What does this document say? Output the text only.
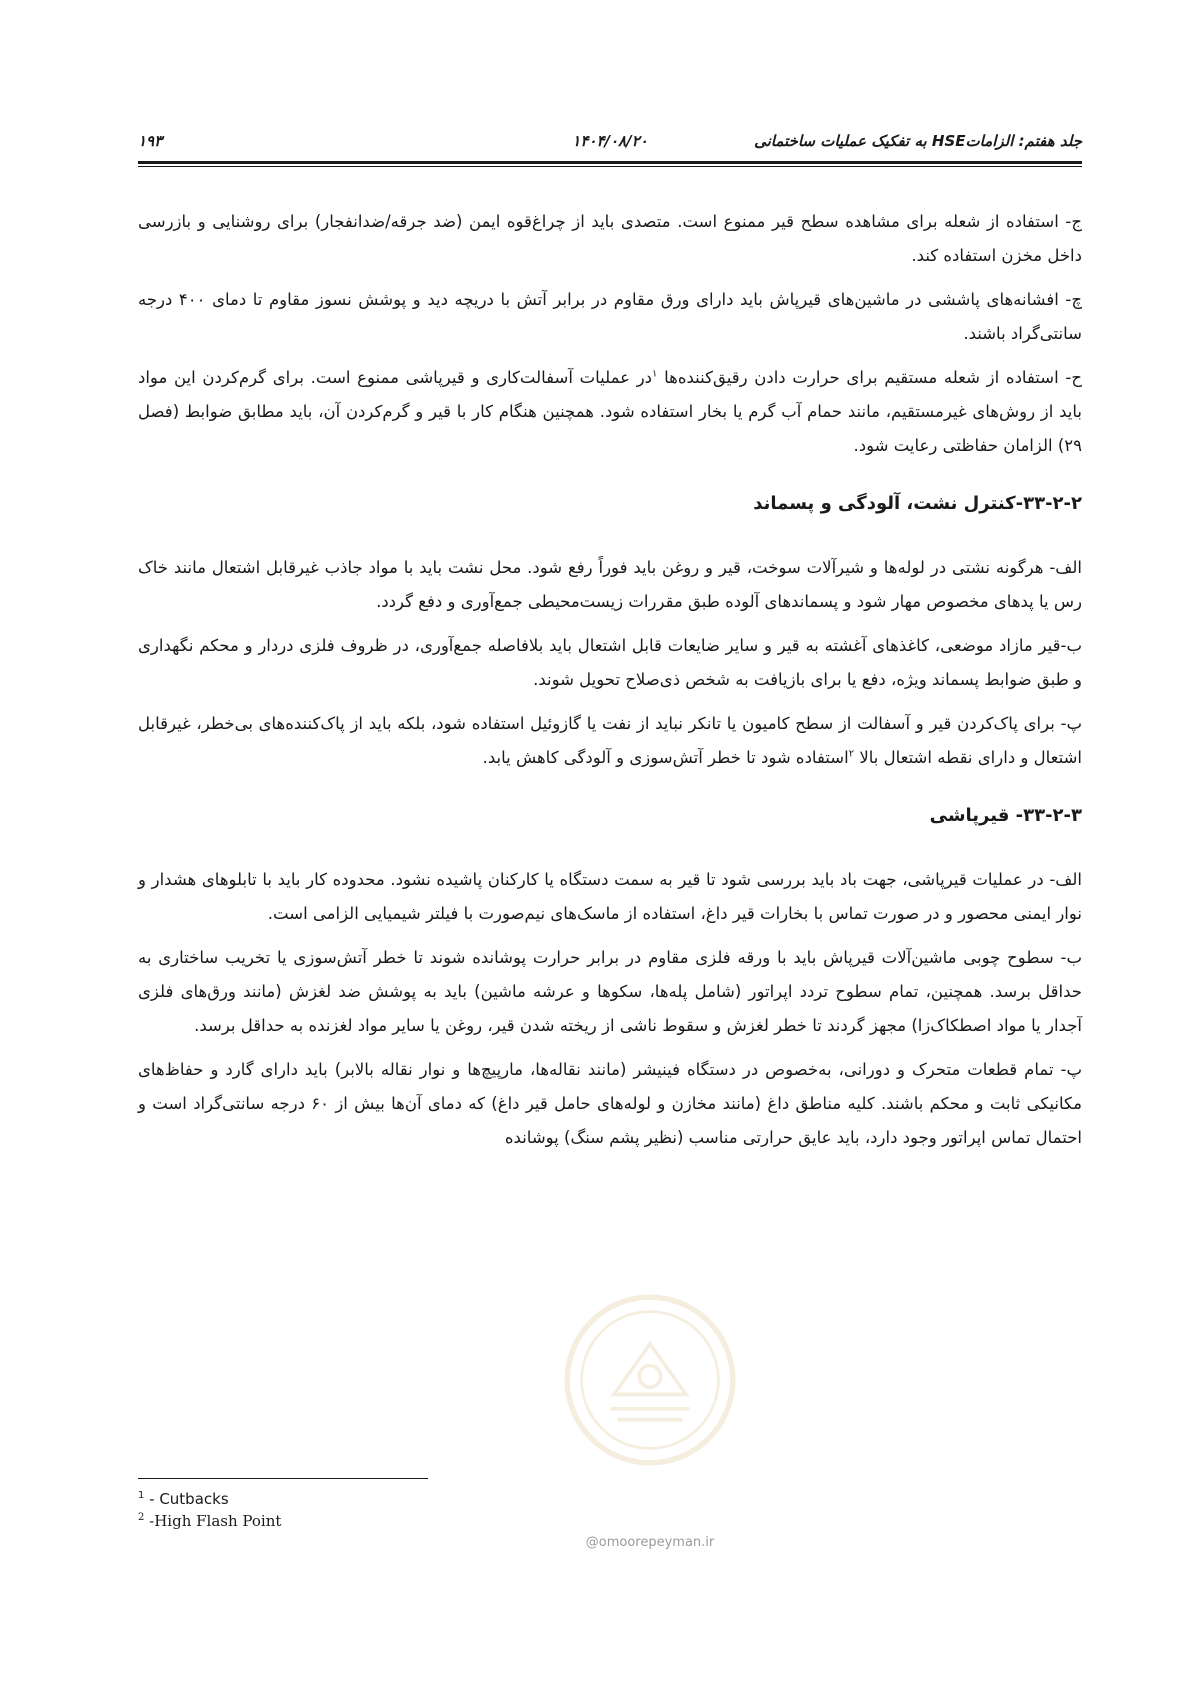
جلد هفتم: الزاماتHSE به تفکیک عملیات ساختمانی
۱۴۰۴/۰۸/۲۰
۱۹۳
@omoorepeyman.ir

ج- استفاده از شعله برای مشاهده سطح قیر ممنوع است. متصدی باید از چراغ‌قوه ایمن (ضد جرقه/ضدانفجار) برای روشنایی و بازرسی داخل مخزن استفاده کند.

چ- افشانه‌های پاششی در ماشین‌های قیرپاش باید دارای ورق مقاوم در برابر آتش با دریچه دید و پوشش نسوز مقاوم تا دمای ۴۰۰ درجه سانتی‌گراد باشند.

ح- استفاده از شعله مستقیم برای حرارت دادن رقیق‌کننده‌ها $^۱$در عملیات آسفالت‌کاری و قیرپاشی ممنوع است. برای گرم‌کردن این مواد باید از روش‌های غیرمستقیم، مانند حمام آب گرم یا بخار استفاده شود. همچنین هنگام کار با قیر و گرم‌کردن آن، باید مطابق ضوابط (فصل ۲۹) الزامان حفاظتی رعایت شود.

۳۳-۲-۲-کنترل نشت، آلودگی و پسماند

الف- هرگونه نشتی در لوله‌ها و شیرآلات سوخت، قیر و روغن باید فوراً رفع شود. محل نشت باید با مواد جاذب غیرقابل اشتعال مانند خاک رس یا پدهای مخصوص مهار شود و پسماندهای آلوده طبق مقررات زیست‌محیطی جمع‌آوری و دفع گردد.

ب-قیر مازاد موضعی، کاغذهای آغشته به قیر و سایر ضایعات قابل اشتعال باید بلافاصله جمع‌آوری، در ظروف فلزی دردار و محکم نگهداری و طبق ضوابط پسماند ویژه، دفع یا برای بازیافت به شخص ذی‌صلاح تحویل شوند.

پ- برای پاک‌کردن قیر و آسفالت از سطح کامیون یا تانکر نباید از نفت یا گازوئیل استفاده شود، بلکه باید از پاک‌کننده‌های بی‌خطر، غیرقابل اشتعال و دارای نقطه اشتعال بالا $^۲$استفاده شود تا خطر آتش‌سوزی و آلودگی کاهش یابد.

۳۳-۲-۳- قیرپاشی

الف- در عملیات قیرپاشی، جهت باد باید بررسی شود تا قیر به سمت دستگاه یا کارکنان پاشیده نشود. محدوده کار باید با تابلوهای هشدار و نوار ایمنی محصور و در صورت تماس با بخارات قیر داغ، استفاده از ماسک‌های نیم‌صورت با فیلتر شیمیایی الزامی است.

ب- سطوح چوبی ماشین‌آلات قیرپاش باید با ورقه فلزی مقاوم در برابر حرارت پوشانده شوند تا خطر آتش‌سوزی یا تخریب ساختاری به حداقل برسد. همچنین، تمام سطوح تردد اپراتور (شامل پله‌ها، سکوها و عرشه ماشین) باید به پوشش ضد لغزش (مانند ورق‌های فلزی آجدار یا مواد اصطکاک‌زا) مجهز گردند تا خطر لغزش و سقوط ناشی از ریخته شدن قیر، روغن یا سایر مواد لغزنده به حداقل برسد.

پ- تمام قطعات متحرک و دورانی، به‌خصوص در دستگاه فینیشر (مانند نقاله‌ها، مارپیچ‌ها و نوار نقاله بالابر) باید دارای گارد و حفاظ‌های مکانیکی ثابت و محکم باشند. کلیه مناطق داغ (مانند مخازن و لوله‌های حامل قیر داغ) که دمای آن‌ها بیش از ۶۰ درجه سانتی‌گراد است و احتمال تماس اپراتور وجود دارد، باید عایق حرارتی مناسب (نظیر پشم سنگ) پوشانده

$^1$ - Cutbacks
$^2$ -High Flash Point
